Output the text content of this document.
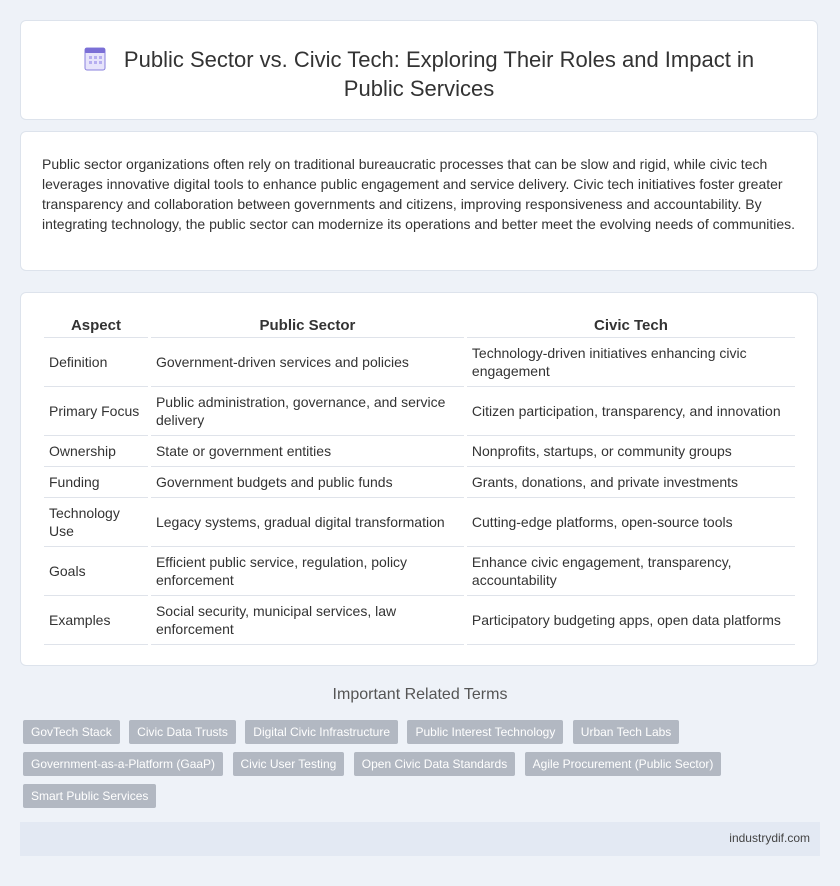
Public Sector vs. Civic Tech: Exploring Their Roles and Impact in Public Services

Public sector organizations often rely on traditional bureaucratic processes that can be slow and rigid, while civic tech leverages innovative digital tools to enhance public engagement and service delivery. Civic tech initiatives foster greater transparency and collaboration between governments and citizens, improving responsiveness and accountability. By integrating technology, the public sector can modernize its operations and better meet the evolving needs of communities.

Aspect	Public Sector	Civic Tech
Definition	Government-driven services and policies	Technology-driven initiatives enhancing civic engagement
Primary Focus	Public administration, governance, and service delivery	Citizen participation, transparency, and innovation
Ownership	State or government entities	Nonprofits, startups, or community groups
Funding	Government budgets and public funds	Grants, donations, and private investments
Technology Use	Legacy systems, gradual digital transformation	Cutting-edge platforms, open-source tools
Goals	Efficient public service, regulation, policy enforcement	Enhance civic engagement, transparency, accountability
Examples	Social security, municipal services, law enforcement	Participatory budgeting apps, open data platforms
Important Related Terms
GovTech Stack Civic Data Trusts Digital Civic Infrastructure Public Interest Technology Urban Tech Labs Government-as-a-Platform (GaaP) Civic User Testing Open Civic Data Standards Agile Procurement (Public Sector) Smart Public Services
industrydif.com
